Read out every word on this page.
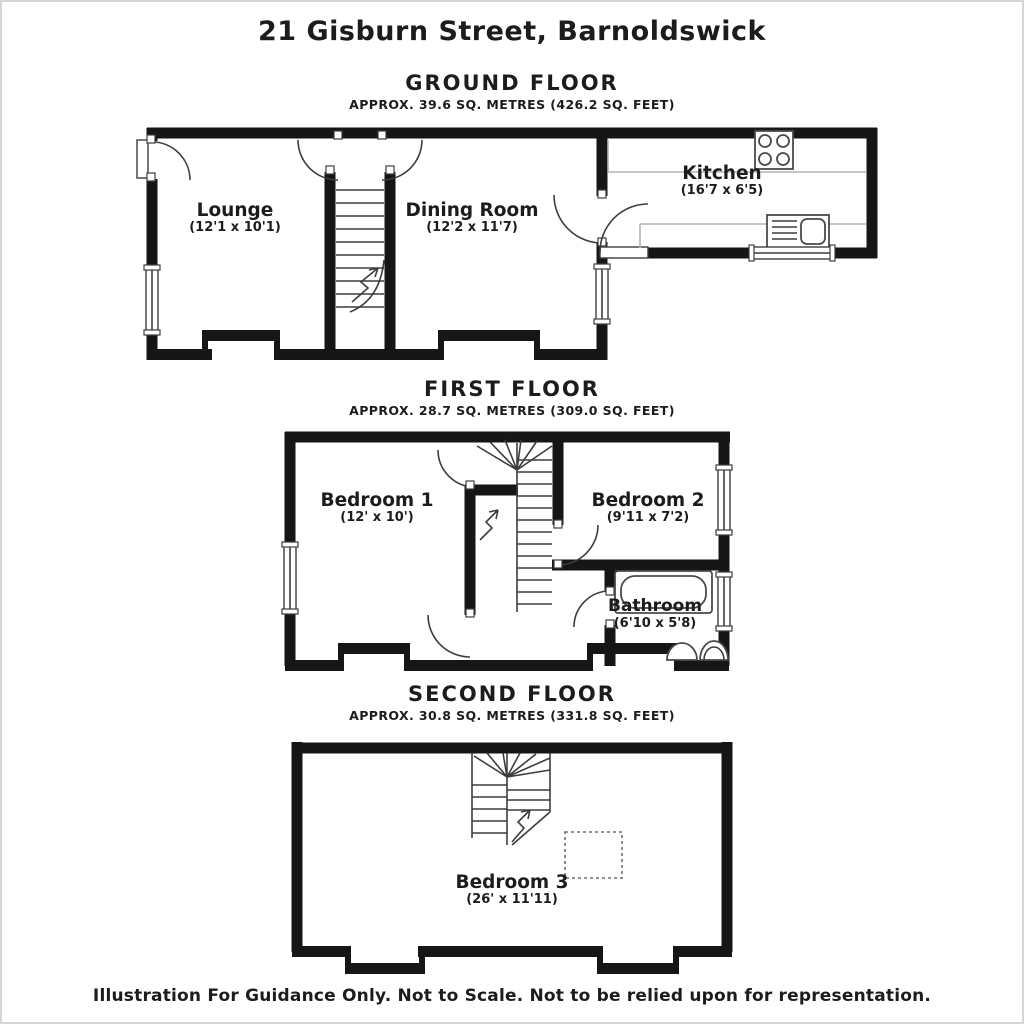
21 Gisburn Street, Barnoldswick
GROUND FLOOR
APPROX. 39.6 SQ. METRES (426.2 SQ. FEET)
Lounge
(12'1 x 10'1)
Dining Room
(12'2 x 11'7)
Kitchen
(16'7 x 6'5)
FIRST FLOOR
APPROX. 28.7 SQ. METRES (309.0 SQ. FEET)
Bedroom 1
(12' x 10')
Bedroom 2
(9'11 x 7'2)
Bathroom
(6'10 x 5'8)
SECOND FLOOR
APPROX. 30.8 SQ. METRES (331.8 SQ. FEET)
Bedroom 3
(26' x 11'11)
Illustration For Guidance Only. Not to Scale. Not to be relied upon for representation.
